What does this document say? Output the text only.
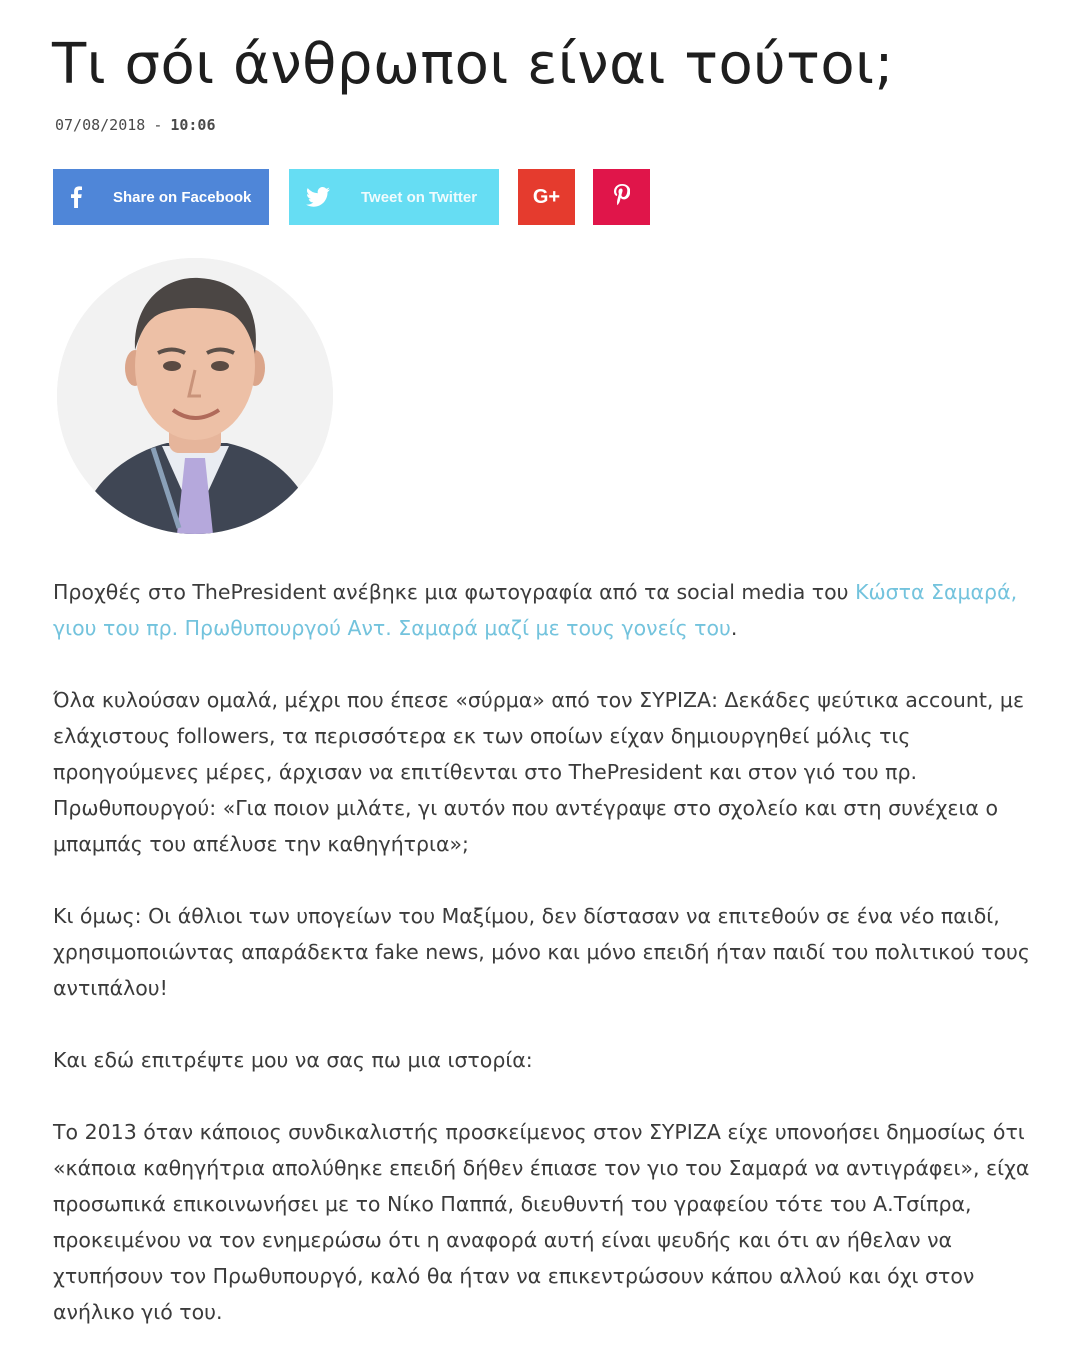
Τι σόι άνθρωποι είναι τούτοι;
07/08/2018 - 10:06
Share on Facebook	Tweet on Twitter	G+

Προχθές στο ThePresident ανέβηκε μια φωτογραφία από τα social media του Κώστα Σαμαρά, γιου του πρ. Πρωθυπουργού Αντ. Σαμαρά μαζί με τους γονείς του.

Όλα κυλούσαν ομαλά, μέχρι που έπεσε «σύρμα» από τον ΣΥΡΙΖΑ: Δεκάδες ψεύτικα account, με ελάχιστους followers, τα περισσότερα εκ των οποίων είχαν δημιουργηθεί μόλις τις προηγούμενες μέρες, άρχισαν να επιτίθενται στο ThePresident και στον γιό του πρ. Πρωθυπουργού: «Για ποιον μιλάτε, γι αυτόν που αντέγραψε στο σχολείο και στη συνέχεια ο μπαμπάς του απέλυσε την καθηγήτρια»;

Κι όμως: Οι άθλιοι των υπογείων του Μαξίμου, δεν δίστασαν να επιτεθούν σε ένα νέο παιδί, χρησιμοποιώντας απαράδεκτα fake news, μόνο και μόνο επειδή ήταν παιδί του πολιτικού τους αντιπάλου!

Και εδώ επιτρέψτε μου να σας πω μια ιστορία:

Το 2013 όταν κάποιος συνδικαλιστής προσκείμενος στον ΣΥΡΙΖΑ είχε υπονοήσει δημοσίως ότι «κάποια καθηγήτρια απολύθηκε επειδή δήθεν έπιασε τον γιο του Σαμαρά να αντιγράφει», είχα προσωπικά επικοινωνήσει με το Νίκο Παππά, διευθυντή του γραφείου τότε του Α.Τσίπρα, προκειμένου να τον ενημερώσω ότι η αναφορά αυτή είναι ψευδής και ότι αν ήθελαν να χτυπήσουν τον Πρωθυπουργό, καλό θα ήταν να επικεντρώσουν κάπου αλλού και όχι στον ανήλικο γιό του.
